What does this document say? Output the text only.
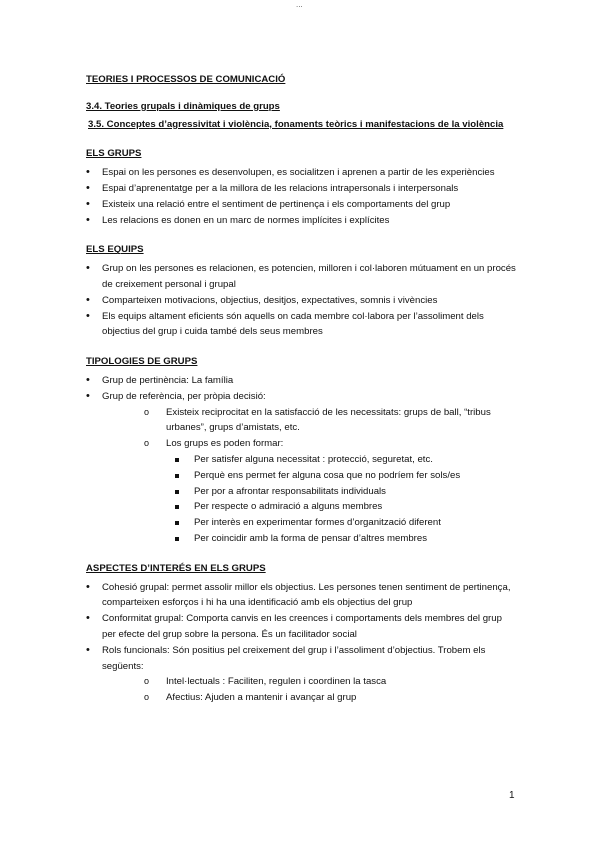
...
TEORIES I PROCESSOS DE COMUNICACIÓ
3.4. Teories grupals i dinàmiques de grups
3.5. Conceptes d’agressivitat i violència, fonaments teòrics i manifestacions de la violència
ELS GRUPS
• Espai on les persones es desenvolupen, es socialitzen i aprenen a partir de les experiències
• Espai d’aprenentatge per a la millora de les relacions intrapersonals i interpersonals
• Existeix una relació entre el sentiment de pertinença i els comportaments del grup
• Les relacions es donen en un marc de normes implícites i explícites
ELS EQUIPS
• Grup on les persones es relacionen, es potencien, milloren i col·laboren mútuament en un procés de creixement personal i grupal
• Comparteixen motivacions, objectius, desitjos, expectatives, somnis i vivències
• Els equips altament eficients són aquells on cada membre col·labora per l’assoliment dels objectius del grup i cuida també dels seus membres
TIPOLOGIES DE GRUPS
• Grup de pertinència: La família
• Grup de referència, per pròpia decisió:
o Existeix reciprocitat en la satisfacció de les necessitats: grups de ball, “tribus urbanes”, grups d’amistats, etc.
o Los grups es poden formar:
Per satisfer alguna necessitat : protecció, seguretat, etc.
Perquè ens permet fer alguna cosa que no podríem fer sols/es
Per por a afrontar responsabilitats individuals
Per respecte o admiració a alguns membres
Per interès en experimentar formes d’organització diferent
Per coincidir amb la forma de pensar d’altres membres
ASPECTES D’INTERÉS EN ELS GRUPS
• Cohesió grupal: permet assolir millor els objectius. Les persones tenen sentiment de pertinença, comparteixen esforços i hi ha una identificació amb els objectius del grup
• Conformitat grupal: Comporta canvis en les creences i comportaments dels membres del grup per efecte del grup sobre la persona. És un facilitador social
• Rols funcionals: Són positius pel creixement del grup i l’assoliment d’objectius. Trobem els següents:
o Intel·lectuals : Faciliten, regulen i coordinen la tasca
o Afectius: Ajuden a mantenir i avançar al grup
1
